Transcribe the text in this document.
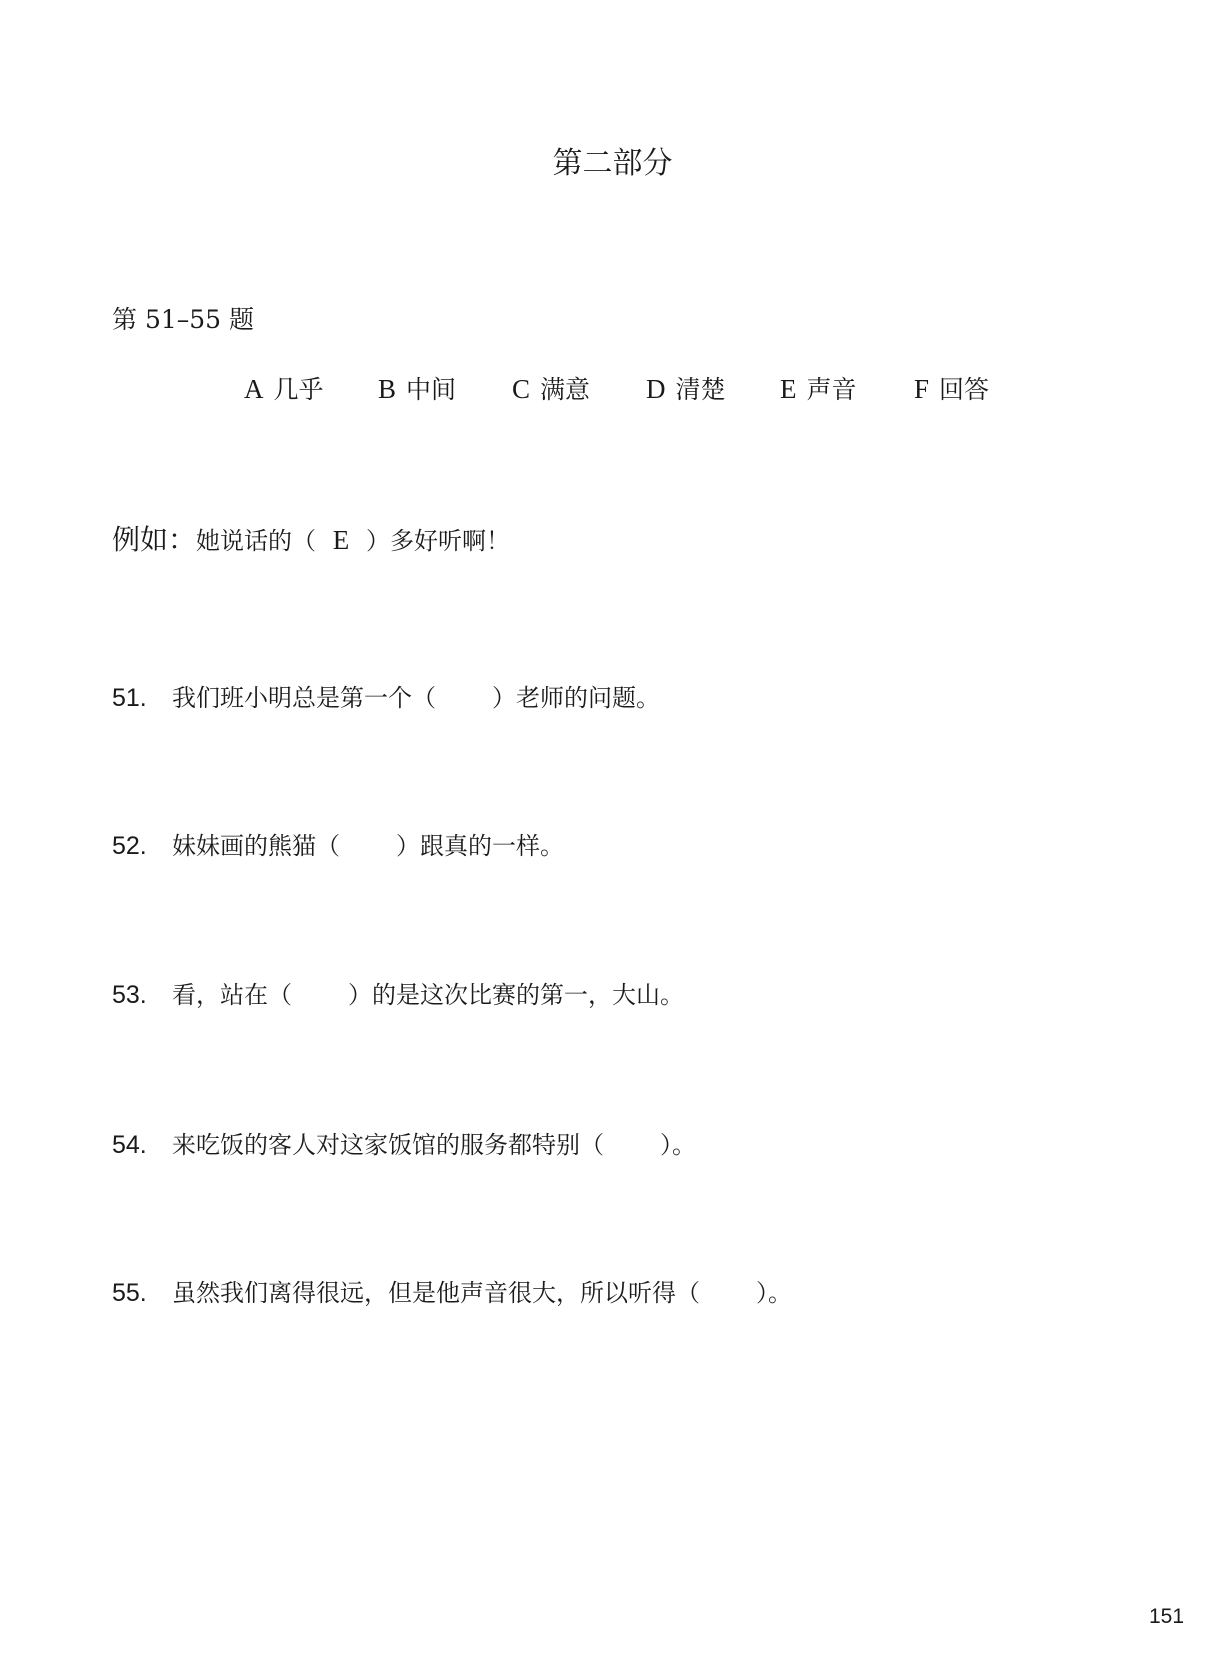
第二部分
第 51–55 题
A 几乎 B 中间 C 满意 D 清楚 E 声音 F 回答
例如：她说话的（ E ）多好听啊！
51. 我们班小明总是第一个（ ）老师的问题。
52. 妹妹画的熊猫（ ）跟真的一样。
53. 看，站在（ ）的是这次比赛的第一，大山。
54. 来吃饭的客人对这家饭馆的服务都特别（ ）。
55. 虽然我们离得很远，但是他声音很大，所以听得（ ）。
151
